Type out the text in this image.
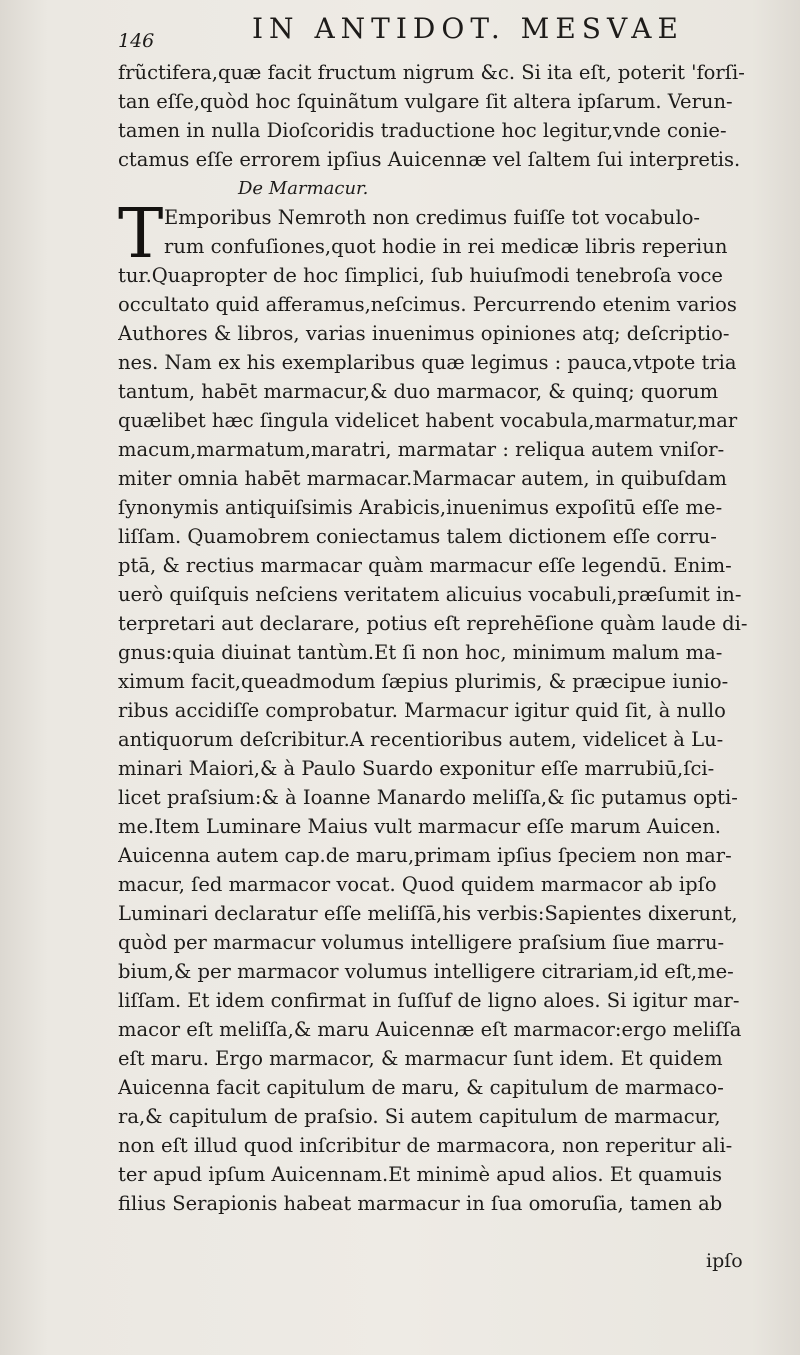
146	IN ANTIDOT. MESVAE
frũctifera,quæ facit fructum nigrum &c. Si ita eſt, poterit 'forſi-
tan eſſe,quòd hoc ſquinãtum vulgare ſit altera ipſarum. Verun-
tamen in nulla Dioſcoridis traductione hoc legitur,vnde conie-
ctamus eſſe errorem ipſius Auicennæ vel ſaltem ſui interpretis.
De Marmacur.
T Emporibus Nemroth non credimus fuiſſe tot vocabulo-
rum confuſiones,quot hodie in rei medicæ libris reperiun
tur.Quapropter de hoc ſimplici, ſub huiuſmodi tenebroſa voce
occultato quid afferamus,neſcimus. Percurrendo etenim varios
Authores & libros, varias inuenimus opiniones atq; deſcriptio-
nes. Nam ex his exemplaribus quæ legimus : pauca,vtpote tria
tantum, habēt marmacur,& duo marmacor, & quinq; quorum
quælibet hæc ſingula videlicet habent vocabula,marmatur,mar
macum,marmatum,maratri, marmatar : reliqua autem vniſor-
miter omnia habēt marmacar.Marmacar autem, in quibuſdam
ſynonymis antiquiſsimis Arabicis,inuenimus expoſitū eſſe me-
liſſam. Quamobrem coniectamus talem dictionem eſſe corru-
ptā, & rectius marmacar quàm marmacur eſſe legendū. Enim-
uerò quiſquis neſciens veritatem alicuius vocabuli,præſumit in-
terpretari aut declarare, potius eſt reprehēſione quàm laude di-
gnus:quia diuinat tantùm.Et ſi non hoc, minimum malum ma-
ximum facit,queadmodum ſæpius plurimis, & præcipue iunio-
ribus accidiſſe comprobatur. Marmacur igitur quid ſit, à nullo
antiquorum deſcribitur.A recentioribus autem, videlicet à Lu-
minari Maiori,& à Paulo Suardo exponitur eſſe marrubiū,ſci-
licet praſsium:& à Ioanne Manardo meliſſa,& ſic putamus opti-
me.Item Luminare Maius vult marmacur eſſe marum Auicen.
Auicenna autem cap.de maru,primam ipſius ſpeciem non mar-
macur, ſed marmacor vocat. Quod quidem marmacor ab ipſo
Luminari declaratur eſſe meliſſā,his verbis:Sapientes dixerunt,
quòd per marmacur volumus intelligere praſsium ſiue marru-
bium,& per marmacor volumus intelligere citrariam,id eſt,me-
liſſam. Et idem confirmat in ſuſſuf de ligno aloes. Si igitur mar-
macor eſt meliſſa,& maru Auicennæ eſt marmacor:ergo meliſſa
eſt maru. Ergo marmacor, & marmacur ſunt idem. Et quidem
Auicenna facit capitulum de maru, & capitulum de marmaco-
ra,& capitulum de praſsio. Si autem capitulum de marmacur,
non eſt illud quod inſcribitur de marmacora, non reperitur ali-
ter apud ipſum Auicennam.Et minimè apud alios. Et quamuis
filius Serapionis habeat marmacur in ſua omoruſia, tamen ab
ipſo
